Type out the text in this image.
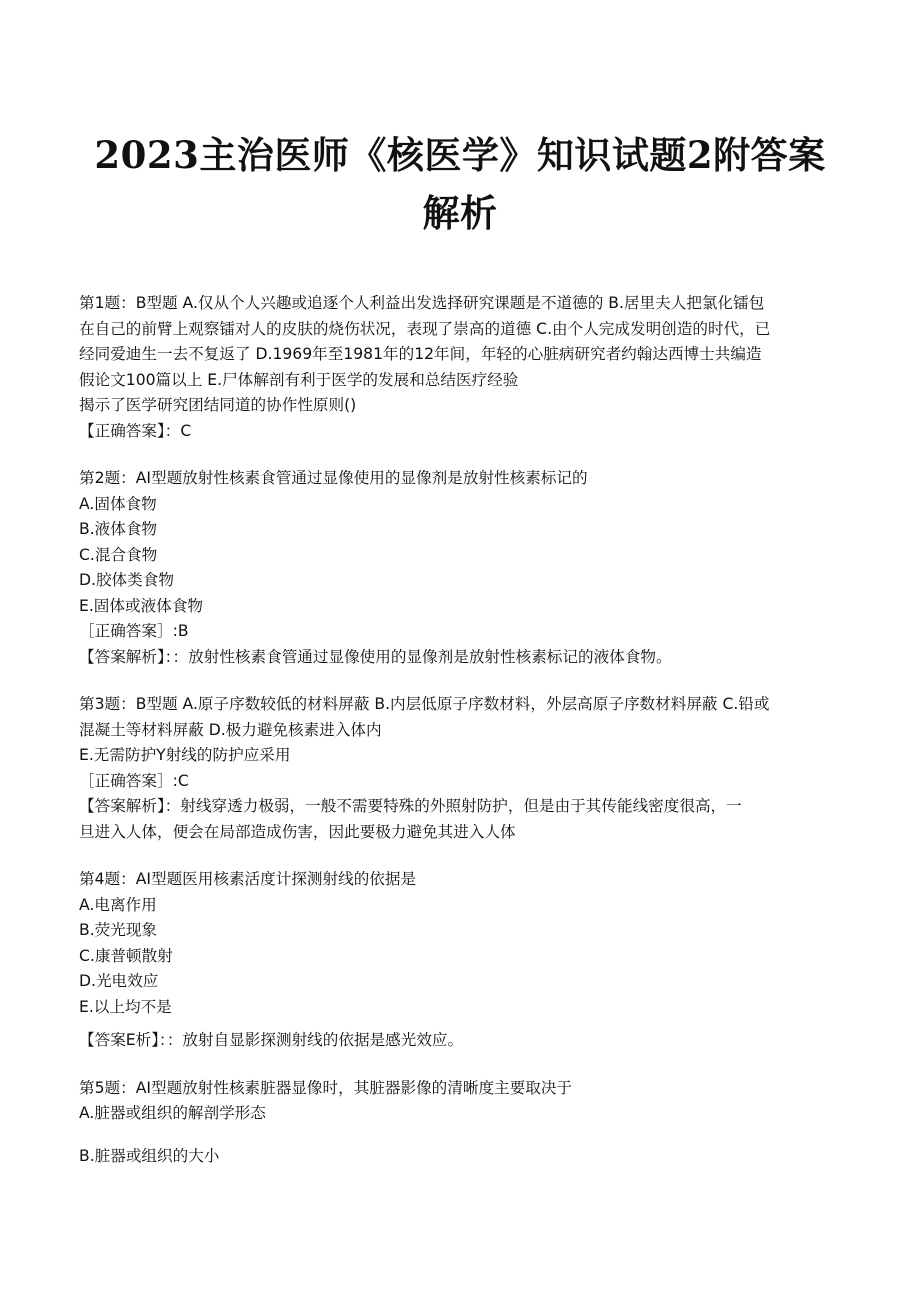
2023主治医师《核医学》知识试题2附答案
解析
第1题：B型题 A.仅从个人兴趣或追逐个人利益出发选择研究课题是不道德的 B.居里夫人把氯化镭包
在自己的前臂上观察镭对人的皮肤的烧伤状况，表现了崇高的道德 C.由个人完成发明创造的时代，已
经同爱迪生一去不复返了 D.1969年至1981年的12年间，年轻的心脏病研究者约翰达西博士共编造
假论文100篇以上 E.尸体解剖有利于医学的发展和总结医疗经验
揭示了医学研究团结同道的协作性原则()
【正确答案】：C
第2题：AI型题放射性核素食管通过显像使用的显像剂是放射性核素标记的
A.固体食物
B.液体食物
C.混合食物
D.胶体类食物
E.固体或液体食物
［正确答案］:B
【答案解析】：：放射性核素食管通过显像使用的显像剂是放射性核素标记的液体食物。
第3题：B型题 A.原子序数较低的材料屏蔽 B.内层低原子序数材料，外层高原子序数材料屏蔽 C.铅或
混凝土等材料屏蔽 D.极力避免核素进入体内
E.无需防护Y射线的防护应采用
［正确答案］:C
【答案解析】：射线穿透力极弱，一般不需要特殊的外照射防护，但是由于其传能线密度很高，一
旦进入人体，便会在局部造成伤害，因此要极力避免其进入人体
第4题：AI型题医用核素活度计探测射线的依据是
A.电离作用
B.荧光现象
C.康普顿散射
D.光电效应
E.以上均不是
【答案E析】：：放射自显影探测射线的依据是感光效应。
第5题：AI型题放射性核素脏器显像时，其脏器影像的清晰度主要取决于
A.脏器或组织的解剖学形态
B.脏器或组织的大小
